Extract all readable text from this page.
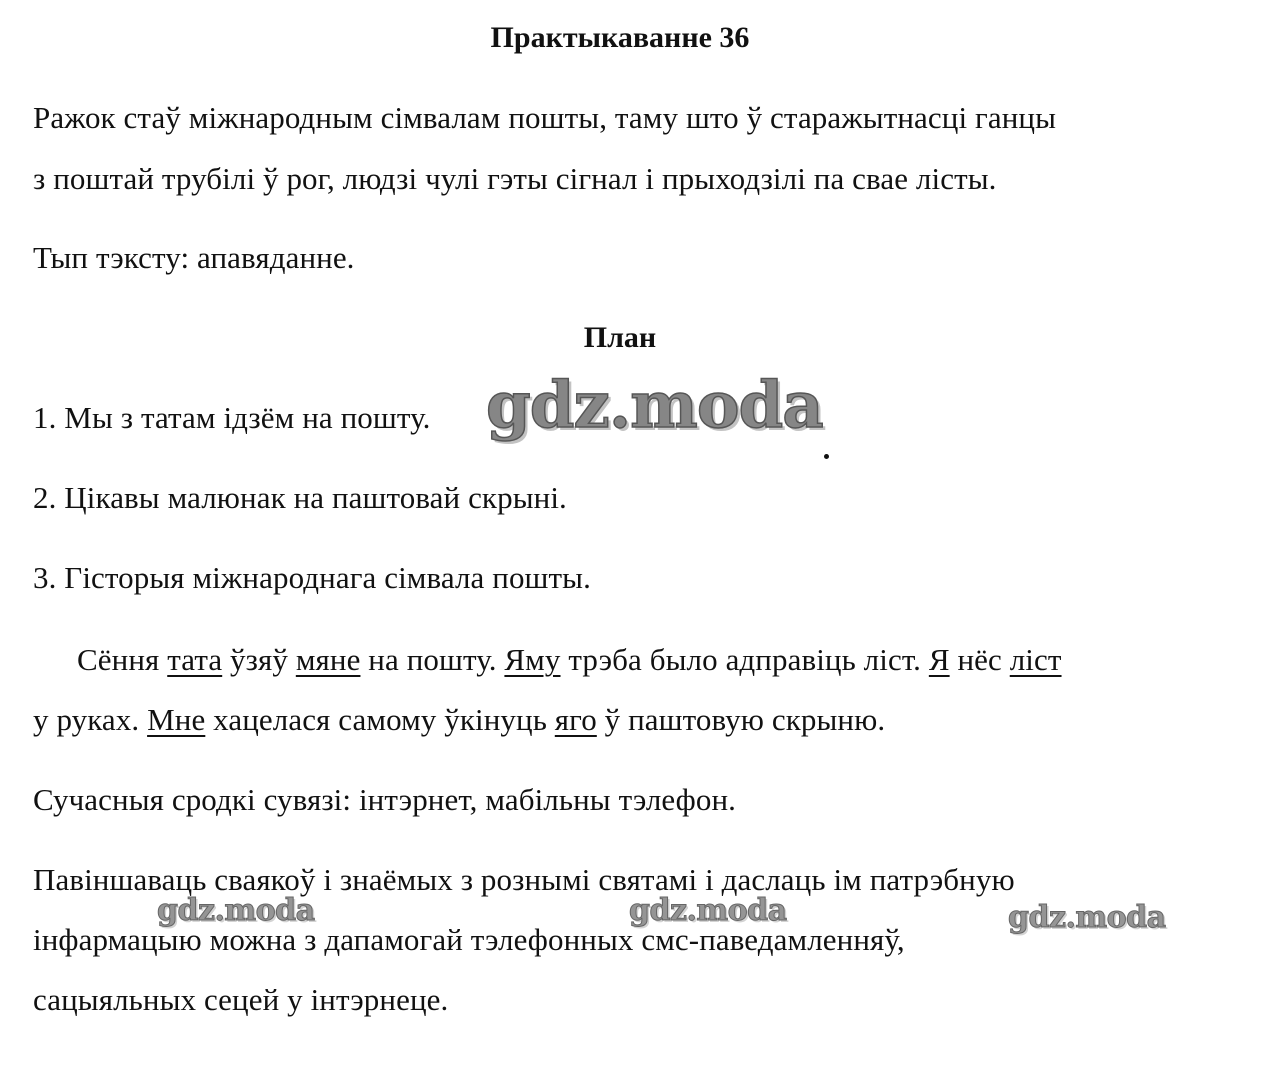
Практыкаванне 36
Ражок стаў міжнародным сімвалам пошты, таму што ў старажытнасці ганцы
з поштай трубілі ў рог, людзі чулі гэты сігнал і прыходзілі па свае лісты.
Тып тэксту: апавяданне.
План
1. Мы з татам ідзём на пошту.
2. Цікавы малюнак на паштовай скрыні.
3. Гісторыя міжнароднага сімвала пошты.
Сёння тата ўзяў мяне на пошту. Яму трэба было адправіць ліст. Я нёс ліст
у руках. Мне хацелася самому ўкінуць яго ў паштовую скрыню.
Сучасныя сродкі сувязі: інтэрнет, мабільны тэлефон.
Павіншаваць сваякоў і знаёмых з рознымі святамі і даслаць ім патрэбную
інфармацыю можна з дапамогай тэлефонных смс-паведамленняў,
сацыяльных сецей у інтэрнеце.
gdz.moda
gdz.moda	gdz.moda	gdz.moda
